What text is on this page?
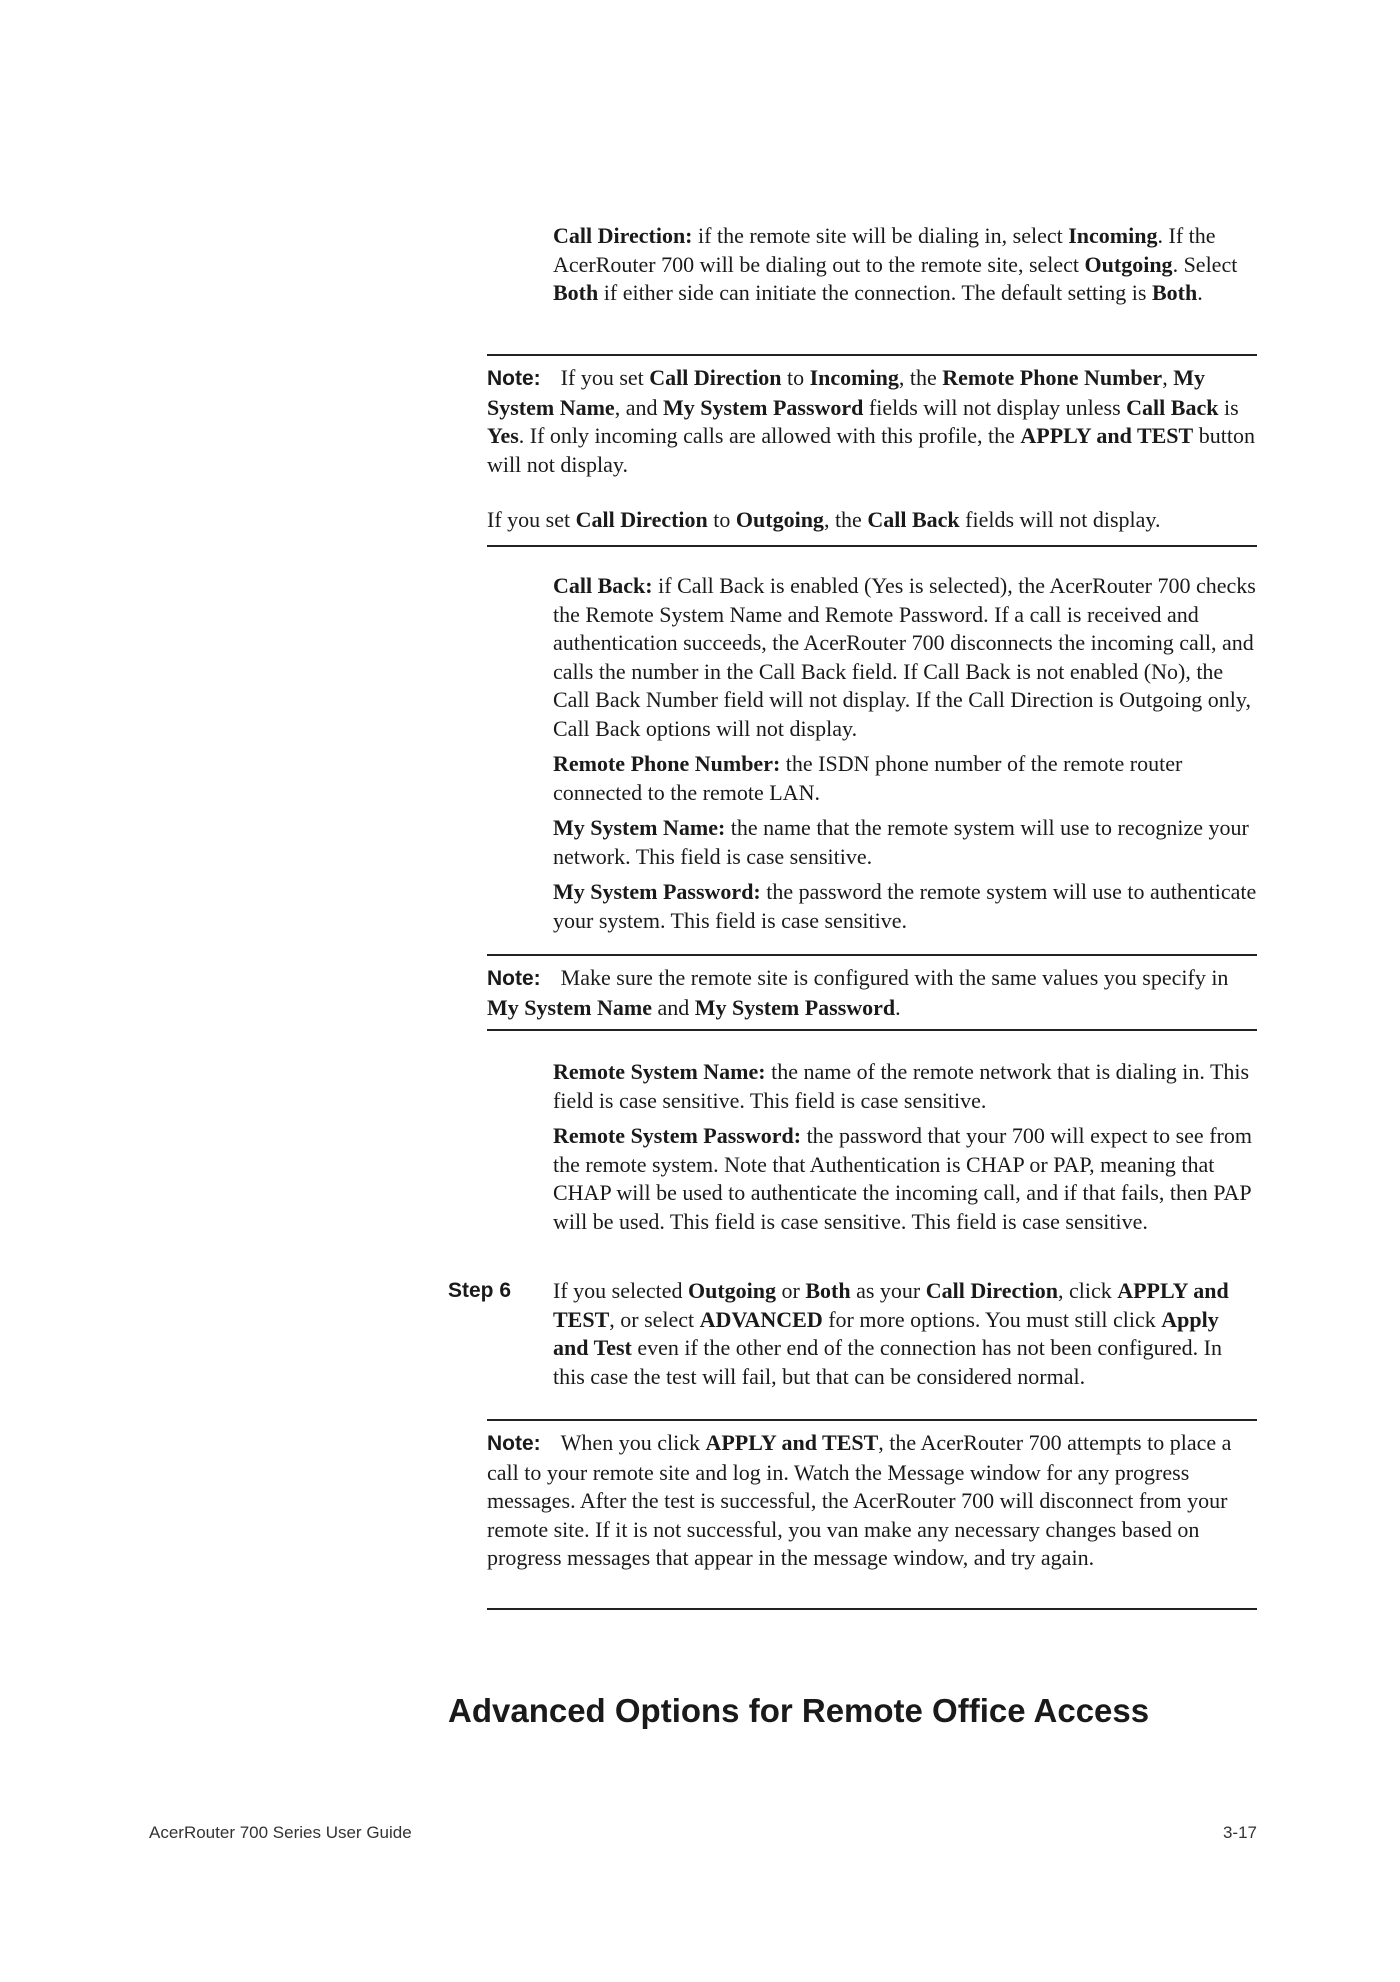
Call Direction: if the remote site will be dialing in, select Incoming. If the AcerRouter 700 will be dialing out to the remote site, select Outgoing. Select Both if either side can initiate the connection. The default setting is Both.

Note: If you set Call Direction to Incoming, the Remote Phone Number, My System Name, and My System Password fields will not display unless Call Back is Yes. If only incoming calls are allowed with this profile, the APPLY and TEST button will not display.

If you set Call Direction to Outgoing, the Call Back fields will not display.

Call Back: if Call Back is enabled (Yes is selected), the AcerRouter 700 checks the Remote System Name and Remote Password. If a call is received and authentication succeeds, the AcerRouter 700 disconnects the incoming call, and calls the number in the Call Back field. If Call Back is not enabled (No), the Call Back Number field will not display. If the Call Direction is Outgoing only, Call Back options will not display.

Remote Phone Number: the ISDN phone number of the remote router connected to the remote LAN.

My System Name: the name that the remote system will use to recognize your network. This field is case sensitive.

My System Password: the password the remote system will use to authenticate your system. This field is case sensitive.

Note: Make sure the remote site is configured with the same values you specify in My System Name and My System Password.

Remote System Name: the name of the remote network that is dialing in. This field is case sensitive. This field is case sensitive.

Remote System Password: the password that your 700 will expect to see from the remote system. Note that Authentication is CHAP or PAP, meaning that CHAP will be used to authenticate the incoming call, and if that fails, then PAP will be used. This field is case sensitive. This field is case sensitive.

Step 6 If you selected Outgoing or Both as your Call Direction, click APPLY and TEST, or select ADVANCED for more options. You must still click Apply and Test even if the other end of the connection has not been configured. In this case the test will fail, but that can be considered normal.

Note: When you click APPLY and TEST, the AcerRouter 700 attempts to place a call to your remote site and log in. Watch the Message window for any progress messages. After the test is successful, the AcerRouter 700 will disconnect from your remote site. If it is not successful, you van make any necessary changes based on progress messages that appear in the message window, and try again.

Advanced Options for Remote Office Access
AcerRouter 700 Series User Guide	3-17
